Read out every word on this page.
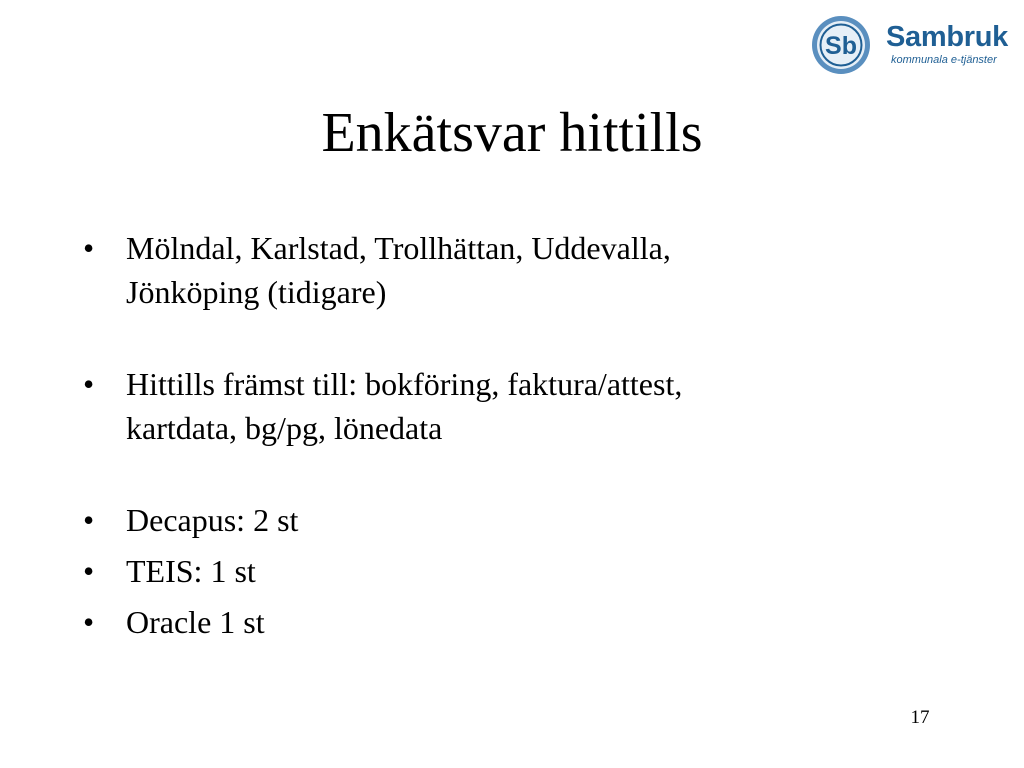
Sb Sambruk
kommunala e-tjänster
Enkätsvar hittills
• Mölndal, Karlstad, Trollhättan, Uddevalla,
Jönköping (tidigare)
• Hittills främst till: bokföring, faktura/attest,
kartdata, bg/pg, lönedata
• Decapus: 2 st
• TEIS: 1 st
• Oracle 1 st
17
